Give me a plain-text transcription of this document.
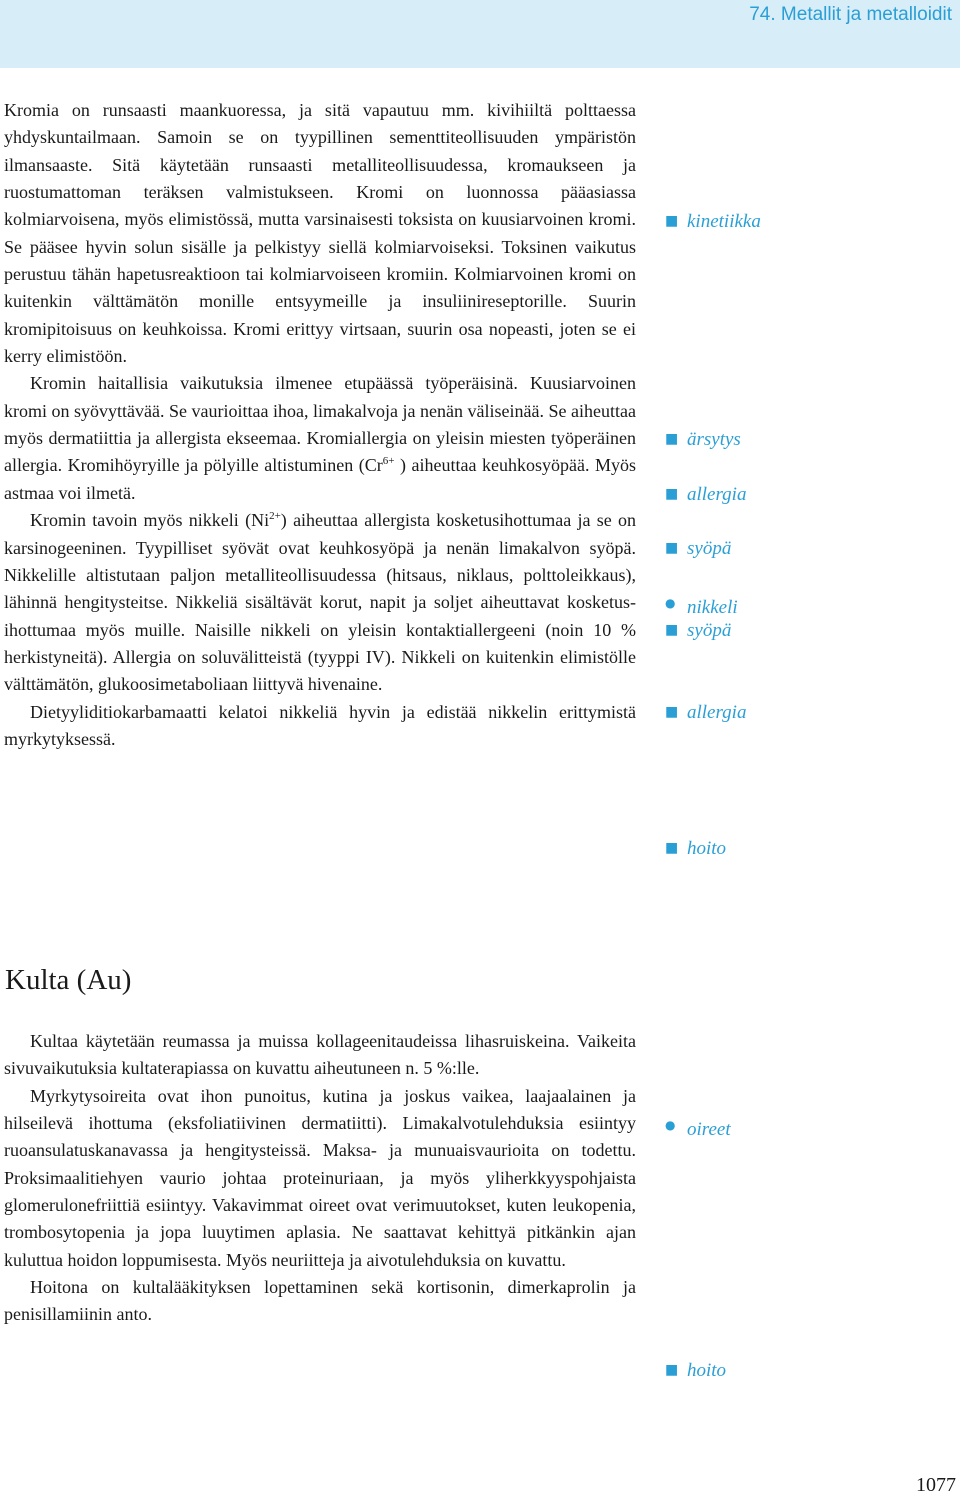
74. Metallit ja metalloidit

Kromia on runsaasti maankuoressa, ja sitä vapautuu mm. kivihiiltä polttaessa yhdyskuntailmaan. Samoin se on tyypillinen sementtiteollisuuden ympäristön ilmansaaste. Sitä käytetään runsaasti metalliteollisuudessa, kromaukseen ja ruostumattoman teräksen valmistukseen. Kromi on luonnossa pääasiassa kolmiarvoisena, myös elimistössä, mutta varsinaisesti toksista on kuusiarvoinen kromi. Se pääsee hyvin solun sisälle ja pelkistyy siellä kolmiarvoiseksi. Toksinen vaikutus perustuu tähän hapetusreaktioon tai kolmiarvoiseen kromiin. Kolmiarvoinen kromi on kuitenkin välttämätön monille entsyymeille ja insuliinireseptorille. Suurin kromipitoisuus on keuhkoissa. Kromi erittyy virtsaan, suurin osa nopeasti, joten se ei kerry elimistöön.

Kromin haitallisia vaikutuksia ilmenee etupäässä työperäisinä. Kuusiarvoinen kromi on syövyttävää. Se vaurioittaa ihoa, limakalvoja ja nenän väliseinää. Se aiheuttaa myös dermatiittia ja allergista ekseemaa. Kromiallergia on yleisin miesten työperäinen allergia. Kromihöyryille ja pölyille altistuminen ($Cr^{6+}$ ) aiheuttaa keuhkosyöpää. Myös astmaa voi ilmetä.

Kromin tavoin myös nikkeli $(Ni^{2+})$ aiheuttaa allergista kosketusihottumaa ja se on karsinogeeninen. Tyypilliset syövät ovat keuhkosyöpä ja nenän limakalvon syöpä. Nikkelille altistutaan paljon metalliteollisuudessa (hitsaus, niklaus, polttoleikkaus), lähinnä hengitysteitse. Nikkeliä sisältävät korut, napit ja soljet aiheuttavat kosketusihottumaa myös muille. Naisille nikkeli on yleisin kontaktiallergeeni (noin 10 % herkistyneitä). Allergia on soluvälitteistä (tyyppi IV). Nikkeli on kuitenkin elimistölle välttämätön, glukoosimetaboliaan liittyvä hivenaine.

Dietyyliditiokarbamaatti kelatoi nikkeliä hyvin ja edistää nikkelin erittymistä myrkytyksessä.

Kulta (Au)

Kultaa käytetään reumassa ja muissa kollageenitaudeissa lihasruiskeina. Vaikeita sivuvaikutuksia kultaterapiassa on kuvattu aiheutuneen n. 5 %:lle.

Myrkytysoireita ovat ihon punoitus, kutina ja joskus vaikea, laajaalainen ja hilseilevä ihottuma (eksfoliatiivinen dermatiitti). Limakalvotulehduksia esiintyy ruoansulatuskanavassa ja hengitysteissä. Maksa- ja munuaisvaurioita on todettu. Proksimaalitiehyen vaurio johtaa proteinuriaan, ja myös yliherkkyyspohjaista glomerulonefriittiä esiintyy. Vakavimmat oireet ovat verimuutokset, kuten leukopenia, trombosytopenia ja jopa luuytimen aplasia. Ne saattavat kehittyä pitkänkin ajan kuluttua hoidon loppumisesta. Myös neuriitteja ja aivotulehduksia on kuvattu.

Hoitona on kultalääkityksen lopettaminen sekä kortisonin, dimerkaprolin ja penisillamiinin anto.

■ kinetiikka
■ ärsytys
■ allergia
■ syöpä
● nikkeli
■ syöpä
■ allergia
■ hoito
● oireet
■ hoito
1077
